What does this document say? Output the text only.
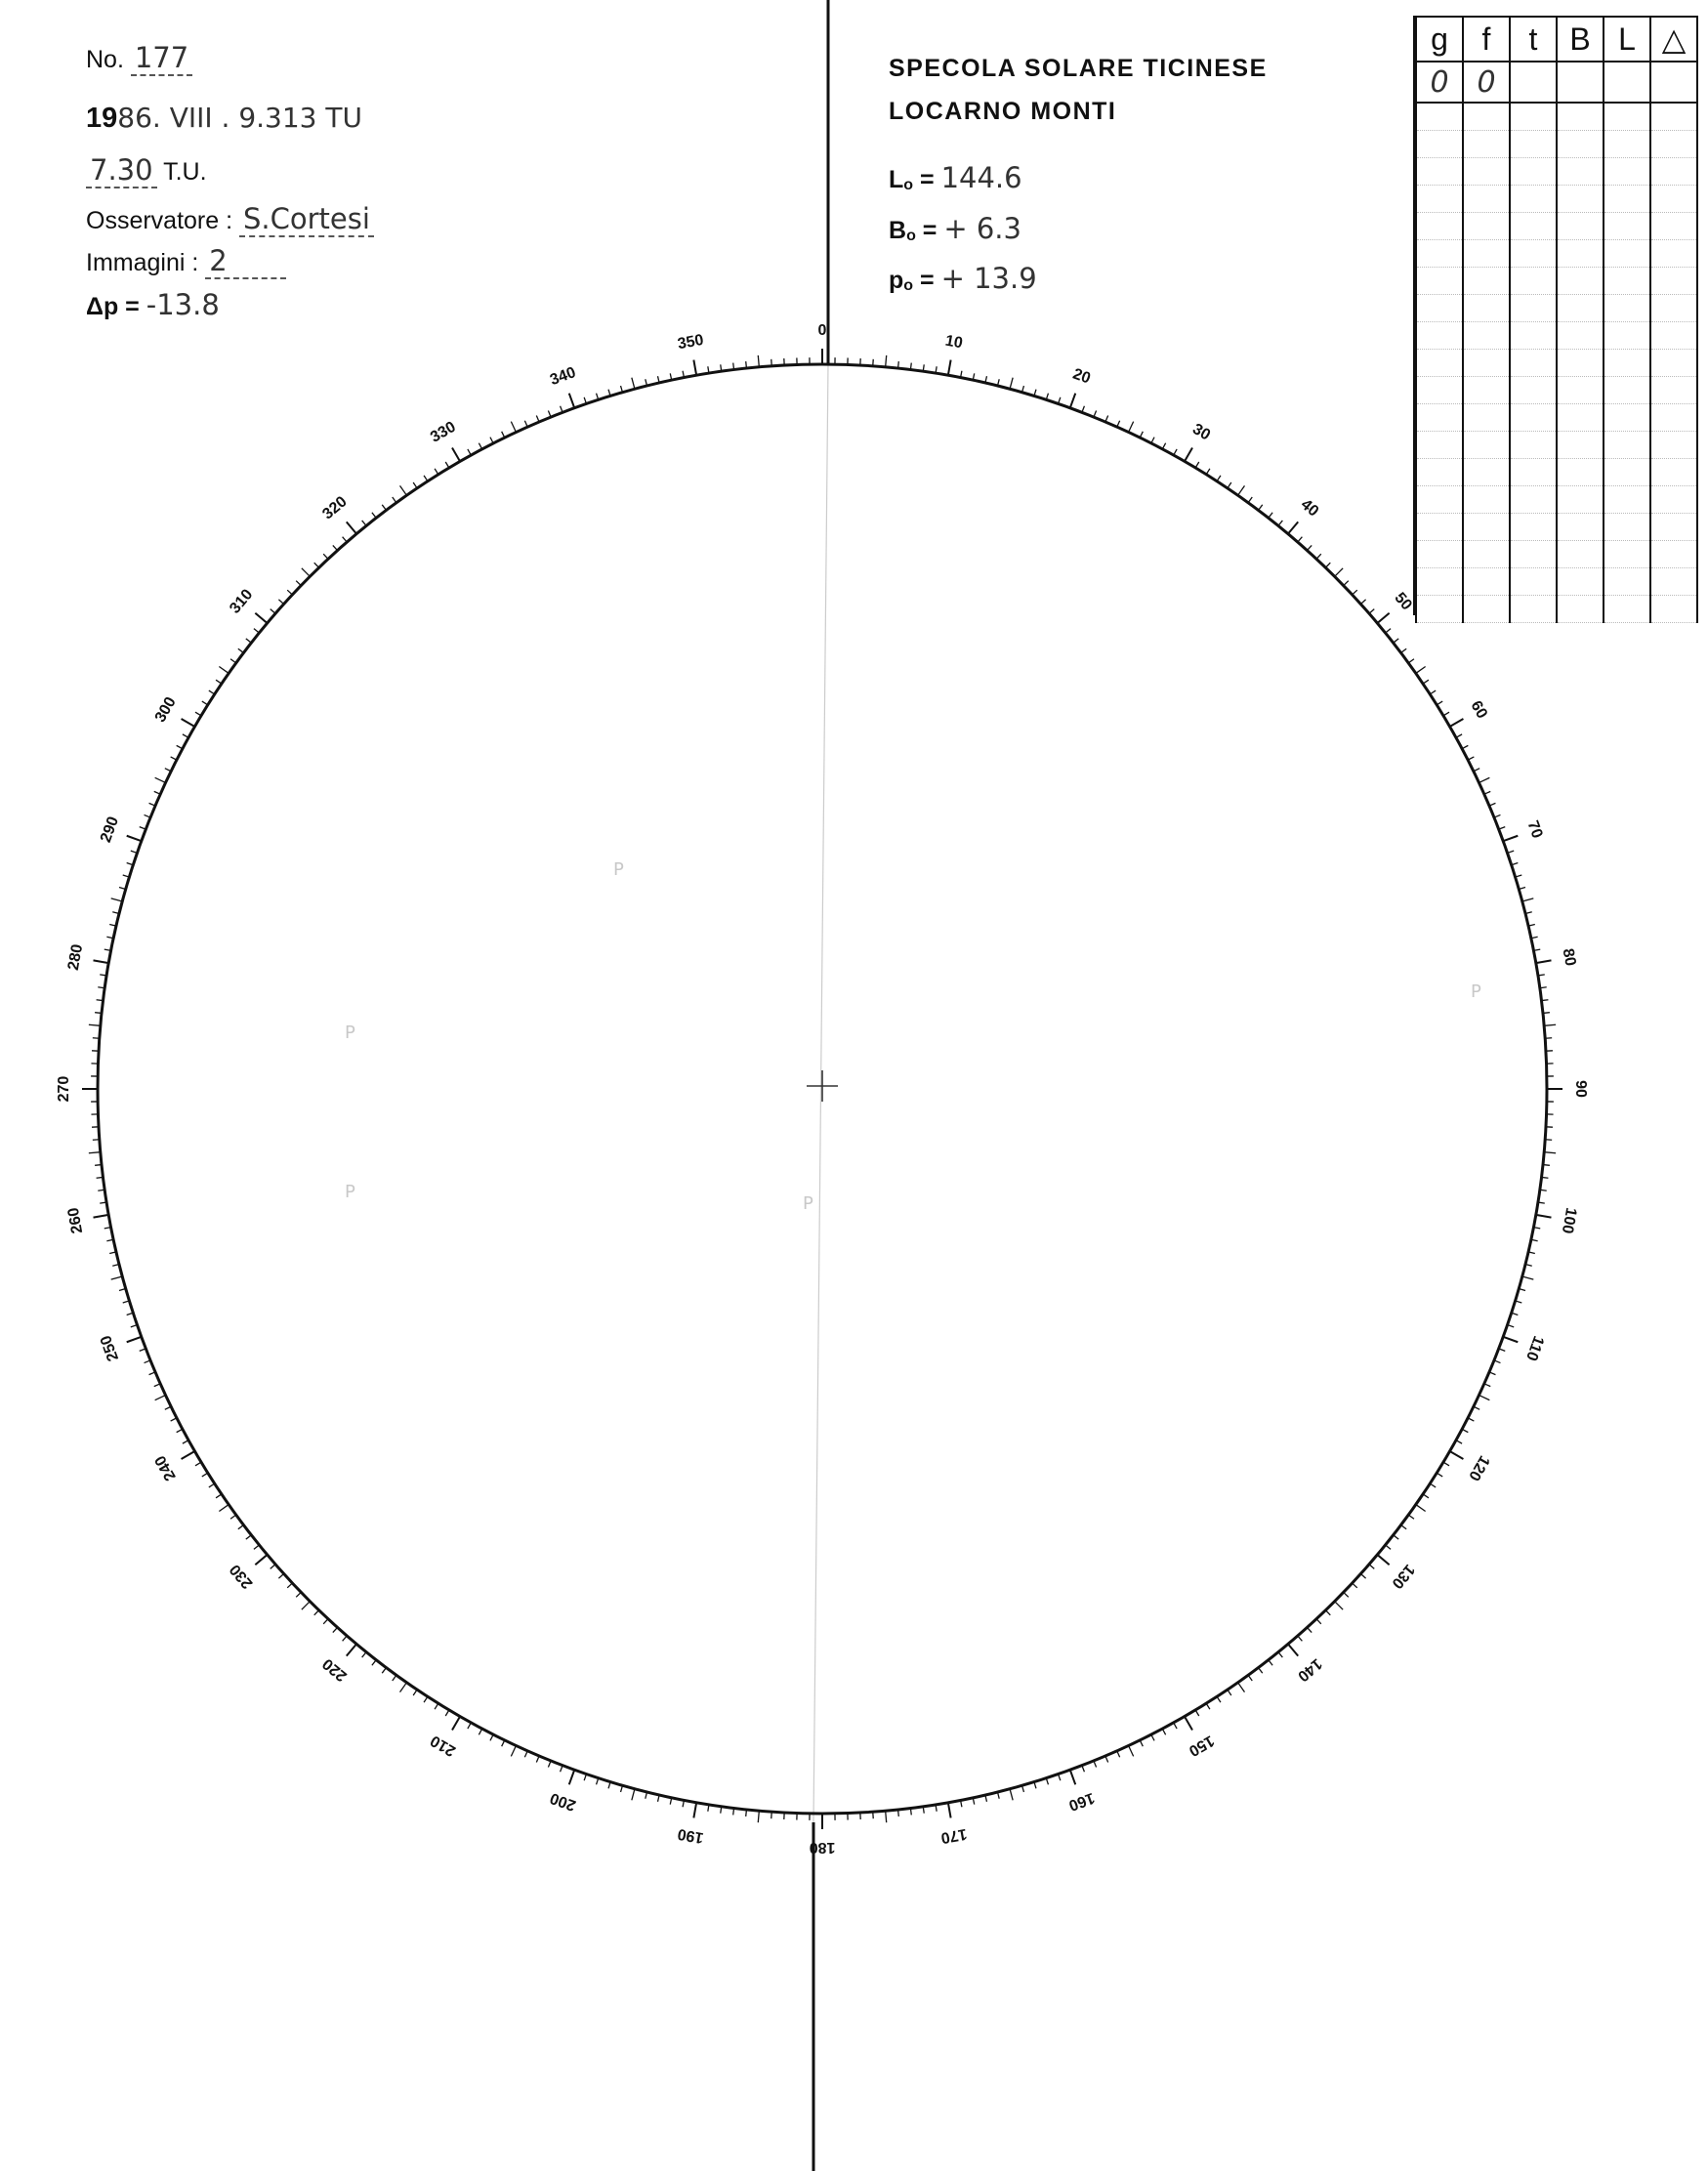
No. 177
1986. VIII . 9.313 TU
7.30 T.U.
Osservatore : S.Cortesi
Immagini : 2
Δp = -13.8
SPECOLA SOLARE TICINESE
LOCARNO MONTI
Lo = 144.6
Bo = + 6.3
po = + 13.9
g	f	t	B	L	△
0	0				

0
10
20
30
40
50
60
70
80
90
100
110
120
130
140
150
160
170
180
190
200
210
220
230
240
250
260
270
280
290
300
310
320
330
340
350
P
P
P
P
P
